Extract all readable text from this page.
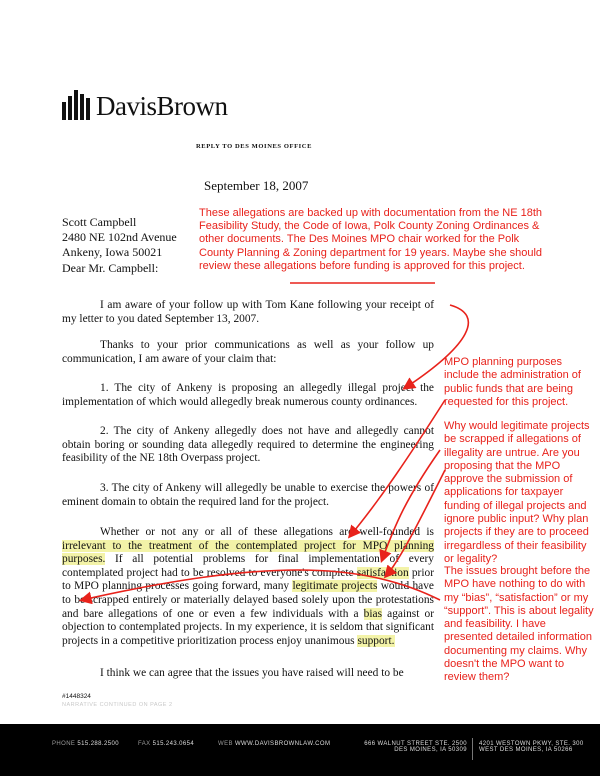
DavisBrown
REPLY TO DES MOINES OFFICE
September 18, 2007
Scott Campbell
2480 NE 102nd Avenue
Ankeny, Iowa 50021
Dear Mr. Campbell:
I am aware of your follow up with Tom Kane following your receipt of my letter to you dated September 13, 2007.
Thanks to your prior communications as well as your follow up communication, I am aware of your claim that:
1. The city of Ankeny is proposing an allegedly illegal project the implementation of which would allegedly break numerous county ordinances.
2. The city of Ankeny allegedly does not have and allegedly cannot obtain boring or sounding data allegedly required to determine the engineering feasibility of the NE 18th Overpass project.
3. The city of Ankeny will allegedly be unable to exercise the powers of eminent domain to obtain the required land for the project.
Whether or not any or all of these allegations are well-founded is irrelevant to the treatment of the contemplated project for MPO planning purposes. If all potential problems for final implementation of every contemplated project had to be resolved to everyone's complete satisfaction prior to MPO planning processes going forward, many legitimate projects would have to be scrapped entirely or materially delayed based solely upon the protestations and bare allegations of one or even a few individuals with a bias against or objection to contemplated projects. In my experience, it is seldom that significant projects in a competitive prioritization process enjoy unanimous support.
I think we can agree that the issues you have raised will need to be
#1448324
NARRATIVE CONTINUED ON PAGE 2
These allegations are backed up with documentation from the NE 18th Feasibility Study, the Code of Iowa, Polk County Zoning Ordinances & other documents. The Des Moines MPO chair worked for the Polk County Planning & Zoning department for 19 years. Maybe she should review these allegations before funding is approved for this project.
MPO planning purposes include the administration of public funds that are being requested for this project.
Why would legitimate projects be scrapped if allegations of illegality are untrue. Are you proposing that the MPO approve the submission of applications for taxpayer funding of illegal projects and ignore public input? Why plan projects if they are to proceed irregardless of their feasibility or legality?
The issues brought before the MPO have nothing to do with my “bias”, “satisfaction” or my “support”. This is about legality and feasibility. I have presented detailed information documenting my claims. Why doesn't the MPO want to review them?
PHONE 515.288.2500	FAX 515.243.0654	WEB WWW.DAVISBROWNLAW.COM	666 WALNUT STREET STE. 2500
DES MOINES, IA 50309
4201 WESTOWN PKWY, STE. 300
WEST DES MOINES, IA 50266
